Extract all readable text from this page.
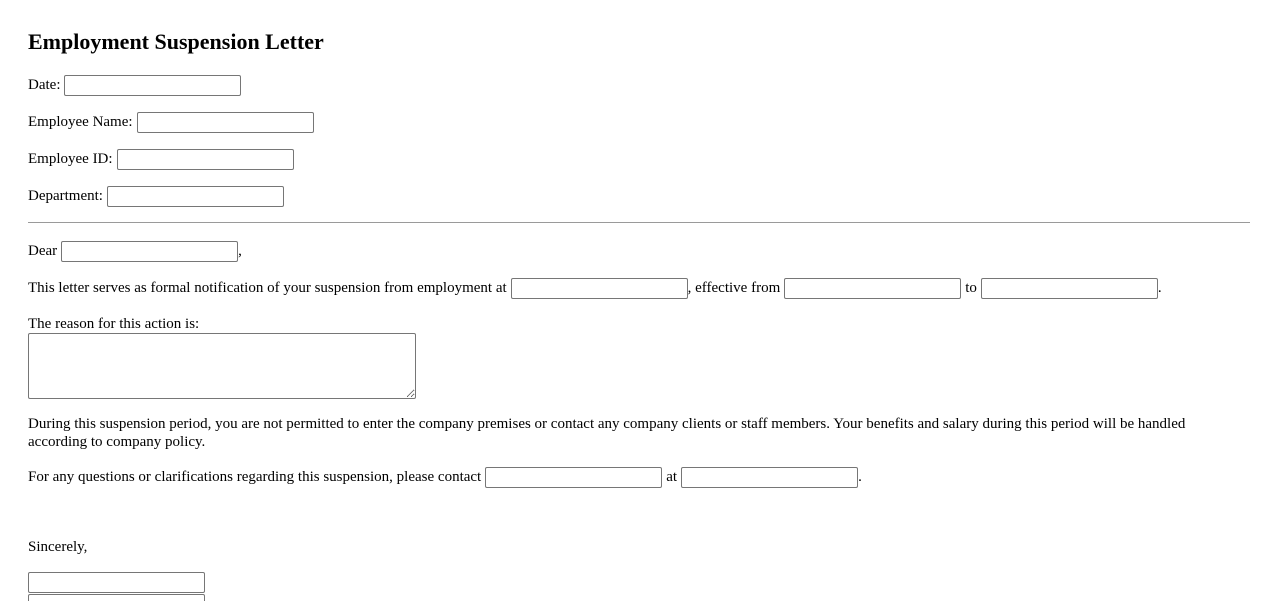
Employment Suspension Letter
Date:
Employee Name:
Employee ID:
Department:
Dear	,
This letter serves as formal notification of your suspension from employment at	, effective from	to	.
The reason for this action is:

During this suspension period, you are not permitted to enter the company premises or contact any company clients or staff members. Your benefits and salary during this period will be handled according to company policy.

For any questions or clarifications regarding this suspension, please contact	at	.
Sincerely,
